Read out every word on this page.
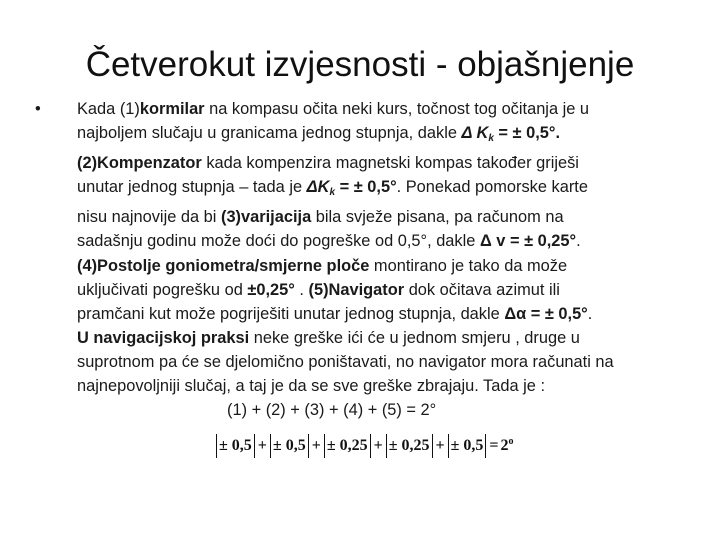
Četverokut izvjesnosti - objašnjenje
• Kada (1)kormilar na kompasu očita neki kurs, točnost tog očitanja je u
najboljem slučaju u granicama jednog stupnja, dakle Δ $K_k$ = ± 0,5°.
(2)Kompenzator kada kompenzira magnetski kompas također griješi
unutar jednog stupnja – tada je $\Delta K_k$ = ± 0,5°. Ponekad pomorske karte
nisu najnovije da bi (3)varijacija bila svježe pisana, pa računom na
sadašnju godinu može doći do pogreške od 0,5°, dakle Δ v = ± 0,25°.
(4)Postolje goniometra/smjerne ploče montirano je tako da može
uključivati pogrešku od ±0,25° . (5)Navigator dok očitava azimut ili
pramčani kut može pogriješiti unutar jednog stupnja, dakle Δα = ± 0,5°.
U navigacijskoj praksi neke greške ići će u jednom smjeru , druge u
suprotnom pa će se djelomično poništavati, no navigator mora računati na
najnepovoljniji slučaj, a taj je da se sve greške zbrajaju. Tada je :
(1) + (2) + (3) + (4) + (5) = 2°
± 0,5 + ± 0,5 + ± 0,25 + ± 0,25 + ± $0,5 = 2^o$
